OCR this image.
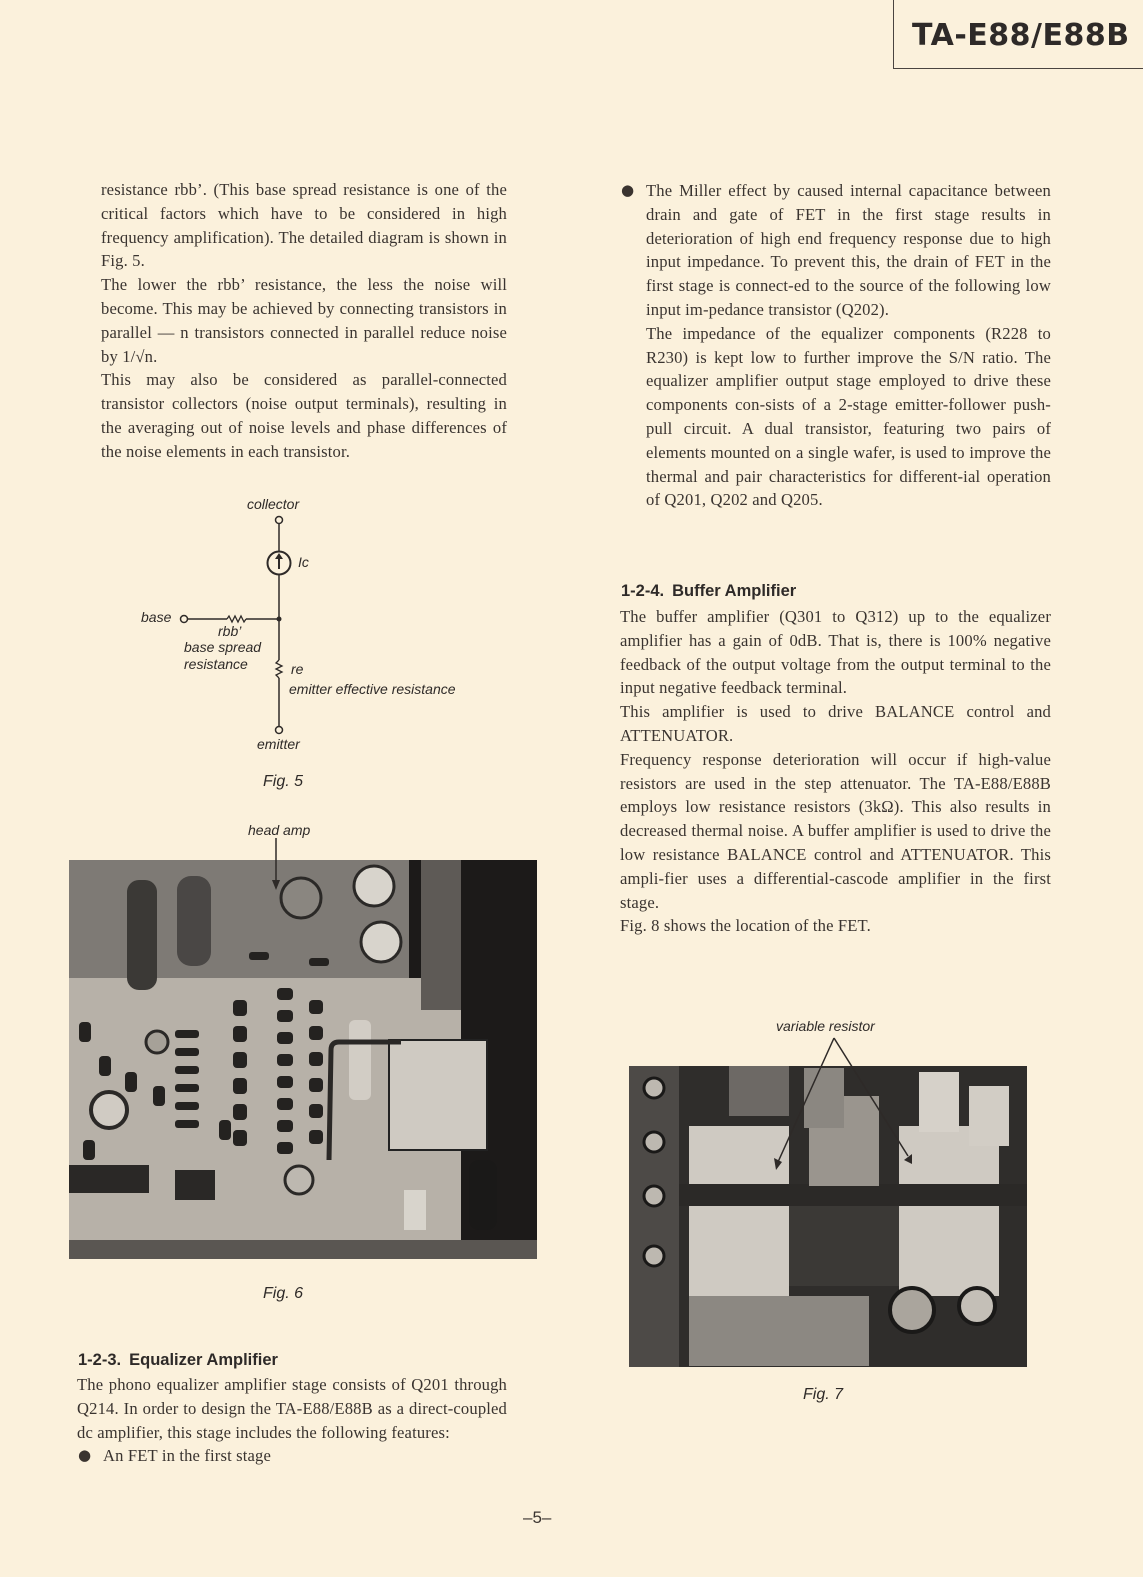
TA-E88/E88B

resistance rbb’. (This base spread resistance is one of the critical factors which have to be considered in high frequency amplification). The detailed diagram is shown in Fig. 5.

The lower the rbb’ resistance, the less the noise will become. This may be achieved by connecting transistors in parallel — n transistors connected in parallel reduce noise by 1/√n.

This may also be considered as parallel-connected transistor collectors (noise output terminals), resulting in the averaging out of noise levels and phase differences of the noise elements in each transistor.

collector
Ic
base
rbb’
base spread
resistance	re
emitter effective resistance
emitter
Fig. 5
head amp
Fig. 6
1-2-3. Equalizer Amplifier

The phono equalizer amplifier stage consists of Q201 through Q214. In order to design the TA-E88/E88B as a direct-coupled dc amplifier, this stage includes the following features:

● An FET in the first stage

● The Miller effect by caused internal capacitance between drain and gate of FET in the first stage results in deterioration of high end frequency response due to high input impedance. To prevent this, the drain of FET in the first stage is connect-ed to the source of the following low input im-pedance transistor (Q202).

The impedance of the equalizer components (R228 to R230) is kept low to further improve the S/N ratio. The equalizer amplifier output stage employed to drive these components con-sists of a 2-stage emitter-follower push-pull circuit. A dual transistor, featuring two pairs of elements mounted on a single wafer, is used to improve the thermal and pair characteristics for different-ial operation of Q201, Q202 and Q205.

1-2-4. Buffer Amplifier

The buffer amplifier (Q301 to Q312) up to the equalizer amplifier has a gain of 0dB. That is, there is 100% negative feedback of the output voltage from the output terminal to the input negative feedback terminal.

This amplifier is used to drive BALANCE control and ATTENUATOR.

Frequency response deterioration will occur if high-value resistors are used in the step attenuator. The TA-E88/E88B employs low resistance resistors (3kΩ). This also results in decreased thermal noise. A buffer amplifier is used to drive the low resistance BALANCE control and ATTENUATOR. This ampli-fier uses a differential-cascode amplifier in the first stage.

Fig. 8 shows the location of the FET.

variable resistor
Fig. 7
–5–
